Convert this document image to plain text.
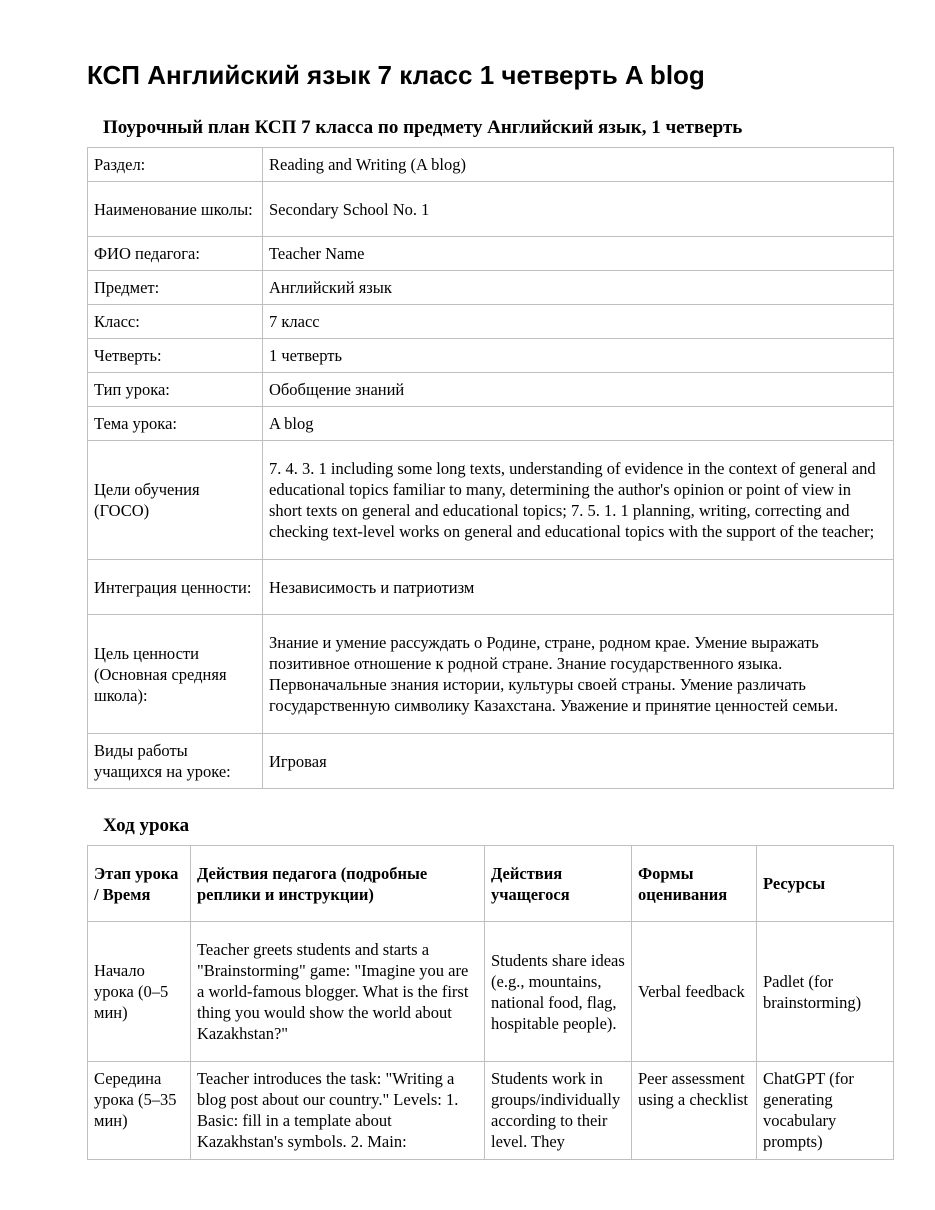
КСП Английский язык 7 класс 1 четверть A blog
Поурочный план КСП 7 класса по предмету Английский язык, 1 четверть
Раздел:	Reading and Writing (A blog)
Наименование школы:	Secondary School No. 1
ФИО педагога:	Teacher Name
Предмет:	Английский язык
Класс:	7 класс
Четверть:	1 четверть
Тип урока:	Обобщение знаний
Тема урока:	A blog
Цели обучения (ГОСО)	7. 4. 3. 1 including some long texts, understanding of evidence in the context of general and educational topics familiar to many, determining the author's opinion or point of view in short texts on general and educational topics; 7. 5. 1. 1 planning, writing, correcting and checking text-level works on general and educational topics with the support of the teacher;
Интеграция ценности:	Независимость и патриотизм
Цель ценности (Основная средняя школа):	Знание и умение рассуждать о Родине, стране, родном крае. Умение выражать позитивное отношение к родной стране. Знание государственного языка. Первоначальные знания истории, культуры своей страны. Умение различать государственную символику Казахстана. Уважение и принятие ценностей семьи.
Виды работы учащихся на уроке:	Игровая
Ход урока
Этап урока / Время	Действия педагога (подробные реплики и инструкции)	Действия учащегося	Формы оценивания	Ресурсы
Начало урока (0–5 мин)	Teacher greets students and starts a "Brainstorming" game: "Imagine you are a world-famous blogger. What is the first thing you would show the world about Kazakhstan?"	Students share ideas (e.g., mountains, national food, flag, hospitable people).	Verbal feedback	Padlet (for brainstorming)

Середина урока (5–35 мин)	Teacher introduces the task: "Writing a blog post about our country." Levels: 1. Basic: fill in a template about Kazakhstan's symbols. 2. Main:	Students work in groups/individually according to their level. They	Peer assessment using a checklist	ChatGPT (for generating vocabulary prompts)
